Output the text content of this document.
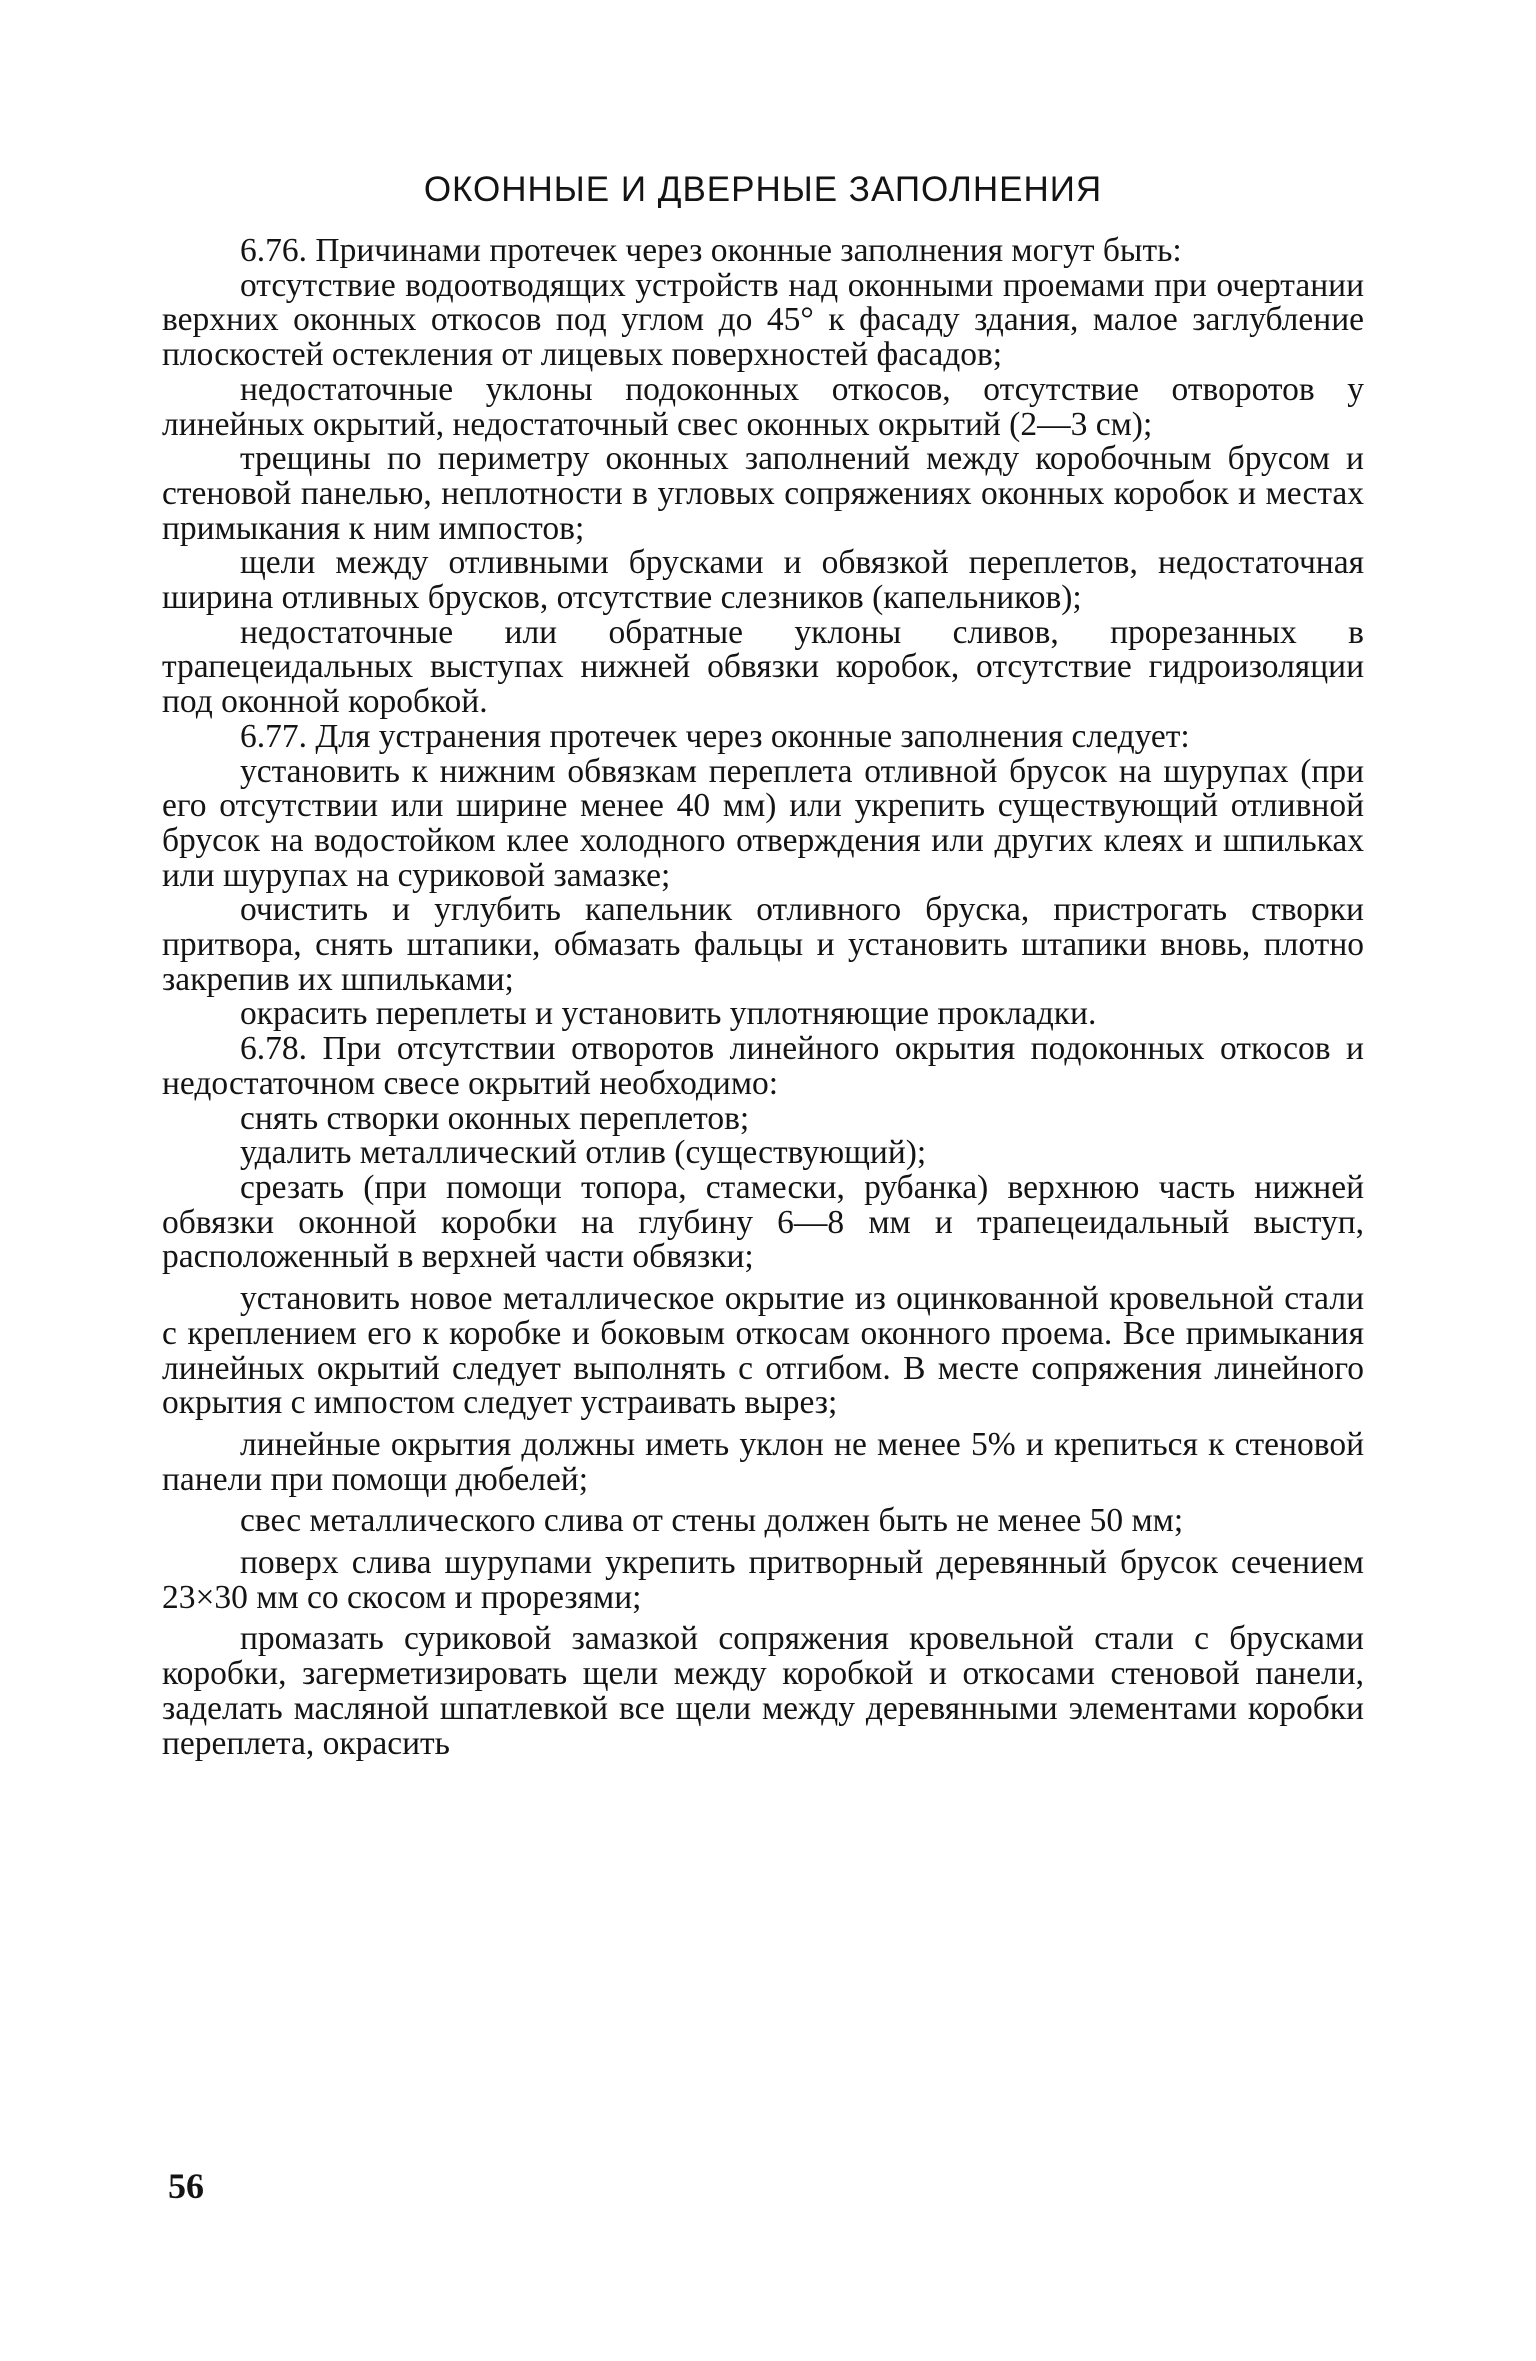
ОКОННЫЕ И ДВЕРНЫЕ ЗАПОЛНЕНИЯ

6.76. Причинами протечек через оконные заполнения могут быть:

отсутствие водоотводящих устройств над оконными проемами при очертании верхних оконных откосов под углом до 45° к фасаду здания, малое заглубление плоскостей остекления от лицевых поверхностей фасадов;

недостаточные уклоны подоконных откосов, отсутствие отворотов у линейных окрытий, недостаточный свес оконных окрытий (2—3 см);

трещины по периметру оконных заполнений между коробочным брусом и стеновой панелью, неплотности в угловых сопряжениях оконных коробок и местах примыкания к ним импостов;

щели между отливными брусками и обвязкой переплетов, недостаточная ширина отливных брусков, отсутствие слезников (капельников);

недостаточные или обратные уклоны сливов, прорезанных в трапецеидальных выступах нижней обвязки коробок, отсутствие гидроизоляции под оконной коробкой.

6.77. Для устранения протечек через оконные заполнения следует:

установить к нижним обвязкам переплета отливной брусок на шурупах (при его отсутствии или ширине менее 40 мм) или укрепить существующий отливной брусок на водостойком клее холодного отверждения или других клеях и шпильках или шурупах на суриковой замазке;

очистить и углубить капельник отливного бруска, пристрогать створки притвора, снять штапики, обмазать фальцы и установить штапики вновь, плотно закрепив их шпильками;

окрасить переплеты и установить уплотняющие прокладки.

6.78. При отсутствии отворотов линейного окрытия подоконных откосов и недостаточном свесе окрытий необходимо:

снять створки оконных переплетов;

удалить металлический отлив (существующий);

срезать (при помощи топора, стамески, рубанка) верхнюю часть нижней обвязки оконной коробки на глубину 6—8 мм и трапецеидальный выступ, расположенный в верхней части обвязки;

установить новое металлическое окрытие из оцинкованной кровельной стали с креплением его к коробке и боковым откосам оконного проема. Все примыкания линейных окрытий следует выполнять с отгибом. В месте сопряжения линейного окрытия с импостом следует устраивать вырез;

линейные окрытия должны иметь уклон не менее 5% и крепиться к стеновой панели при помощи дюбелей;

свес металлического слива от стены должен быть не менее 50 мм;

поверх слива шурупами укрепить притворный деревянный брусок сечением 23×30 мм со скосом и прорезями;

промазать суриковой замазкой сопряжения кровельной стали с брусками коробки, загерметизировать щели между коробкой и откосами стеновой панели, заделать масляной шпатлевкой все щели между деревянными элементами коробки переплета, окрасить

56
